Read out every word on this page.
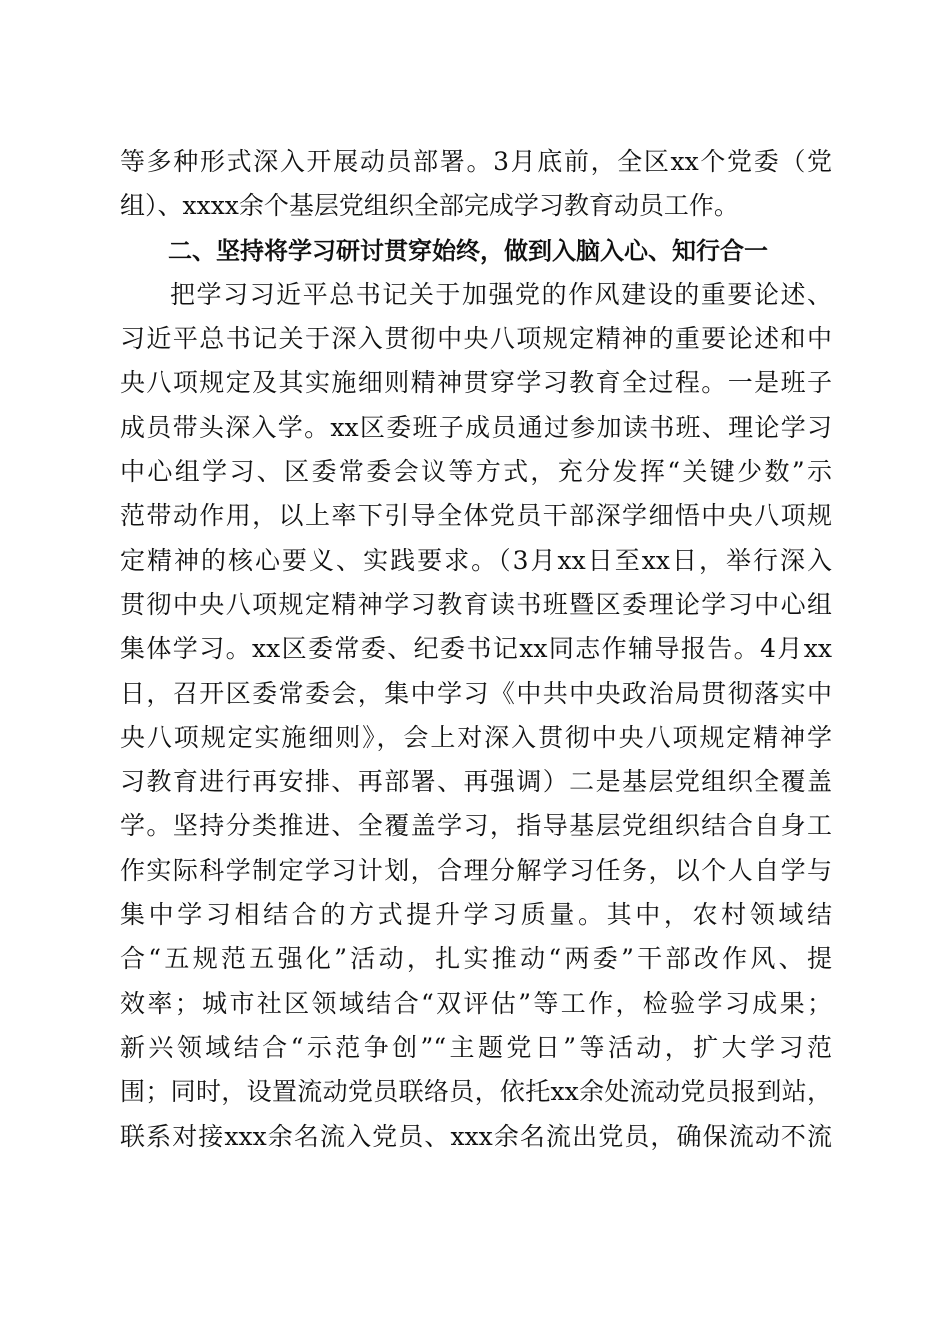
等多种形式深入开展动员部署。3月底前，全区xx个党委（党
组）、xxxx余个基层党组织全部完成学习教育动员工作。
二、坚持将学习研讨贯穿始终，做到入脑入心、知行合一
把学习习近平总书记关于加强党的作风建设的重要论述、
习近平总书记关于深入贯彻中央八项规定精神的重要论述和中
央八项规定及其实施细则精神贯穿学习教育全过程。一是班子
成员带头深入学。xx区委班子成员通过参加读书班、理论学习
中心组学习、区委常委会议等方式，充分发挥“关键少数”示
范带动作用，以上率下引导全体党员干部深学细悟中央八项规
定精神的核心要义、实践要求。（3月xx日至xx日，举行深入
贯彻中央八项规定精神学习教育读书班暨区委理论学习中心组
集体学习。xx区委常委、纪委书记xx同志作辅导报告。4月xx
日，召开区委常委会，集中学习《中共中央政治局贯彻落实中
央八项规定实施细则》，会上对深入贯彻中央八项规定精神学
习教育进行再安排、再部署、再强调）二是基层党组织全覆盖
学。坚持分类推进、全覆盖学习，指导基层党组织结合自身工
作实际科学制定学习计划，合理分解学习任务，以个人自学与
集中学习相结合的方式提升学习质量。其中，农村领域结
合“五规范五强化”活动，扎实推动“两委”干部改作风、提
效率；城市社区领域结合“双评估”等工作，检验学习成果；
新兴领域结合“示范争创”“主题党日”等活动，扩大学习范
围；同时，设置流动党员联络员，依托xx余处流动党员报到站，
联系对接xxx余名流入党员、xxx余名流出党员，确保流动不流
